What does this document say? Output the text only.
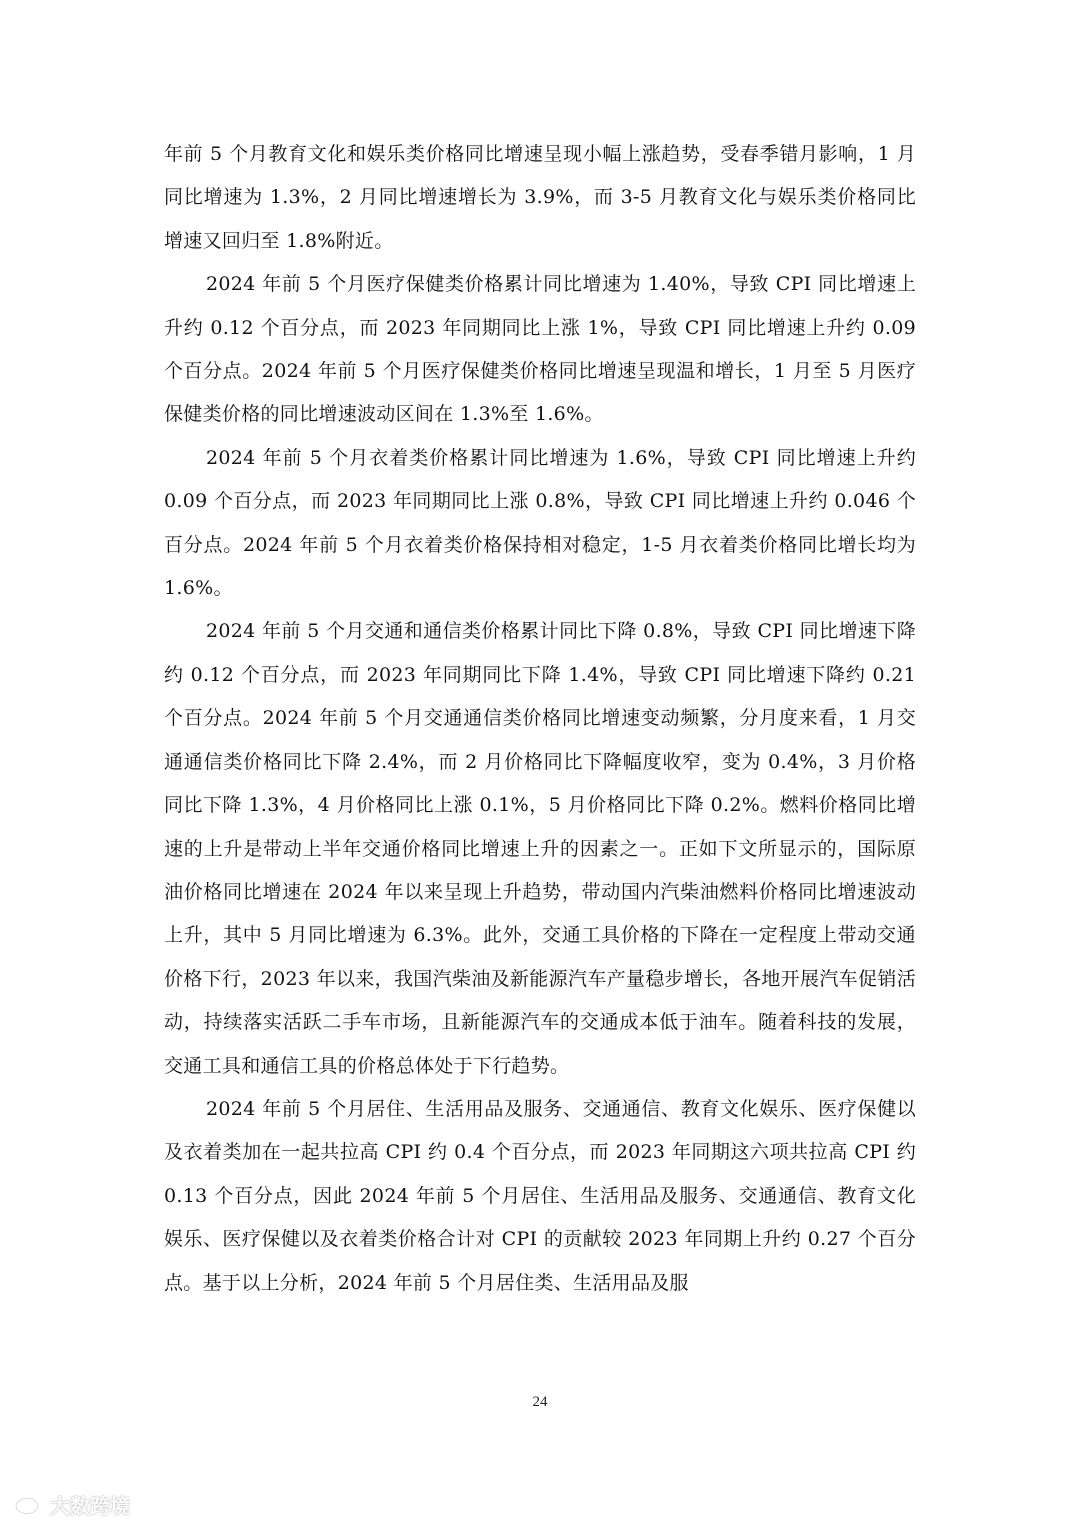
年前 5 个月教育文化和娱乐类价格同比增速呈现小幅上涨趋势，受春季错月影响，1 月同比增速为 1.3%，2 月同比增速增长为 3.9%，而 3-5 月教育文化与娱乐类价格同比增速又回归至 1.8%附近。

2024 年前 5 个月医疗保健类价格累计同比增速为 1.40%，导致 CPI 同比增速上升约 0.12 个百分点，而 2023 年同期同比上涨 1%，导致 CPI 同比增速上升约 0.09 个百分点。2024 年前 5 个月医疗保健类价格同比增速呈现温和增长，1 月至 5 月医疗保健类价格的同比增速波动区间在 1.3%至 1.6%。

2024 年前 5 个月衣着类价格累计同比增速为 1.6%，导致 CPI 同比增速上升约 0.09 个百分点，而 2023 年同期同比上涨 0.8%，导致 CPI 同比增速上升约 0.046 个百分点。2024 年前 5 个月衣着类价格保持相对稳定，1-5 月衣着类价格同比增长均为 1.6%。

2024 年前 5 个月交通和通信类价格累计同比下降 0.8%，导致 CPI 同比增速下降约 0.12 个百分点，而 2023 年同期同比下降 1.4%，导致 CPI 同比增速下降约 0.21 个百分点。2024 年前 5 个月交通通信类价格同比增速变动频繁，分月度来看，1 月交通通信类价格同比下降 2.4%，而 2 月价格同比下降幅度收窄，变为 0.4%，3 月价格同比下降 1.3%，4 月价格同比上涨 0.1%，5 月价格同比下降 0.2%。燃料价格同比增速的上升是带动上半年交通价格同比增速上升的因素之一。正如下文所显示的，国际原油价格同比增速在 2024 年以来呈现上升趋势，带动国内汽柴油燃料价格同比增速波动上升，其中 5 月同比增速为 6.3%。此外，交通工具价格的下降在一定程度上带动交通价格下行，2023 年以来，我国汽柴油及新能源汽车产量稳步增长，各地开展汽车促销活动，持续落实活跃二手车市场，且新能源汽车的交通成本低于油车。随着科技的发展，交通工具和通信工具的价格总体处于下行趋势。

2024 年前 5 个月居住、生活用品及服务、交通通信、教育文化娱乐、医疗保健以及衣着类加在一起共拉高 CPI 约 0.4 个百分点，而 2023 年同期这六项共拉高 CPI 约 0.13 个百分点，因此 2024 年前 5 个月居住、生活用品及服务、交通通信、教育文化娱乐、医疗保健以及衣着类价格合计对 CPI 的贡献较 2023 年同期上升约 0.27 个百分点。基于以上分析，2024 年前 5 个月居住类、生活用品及服

24
大数跨境
